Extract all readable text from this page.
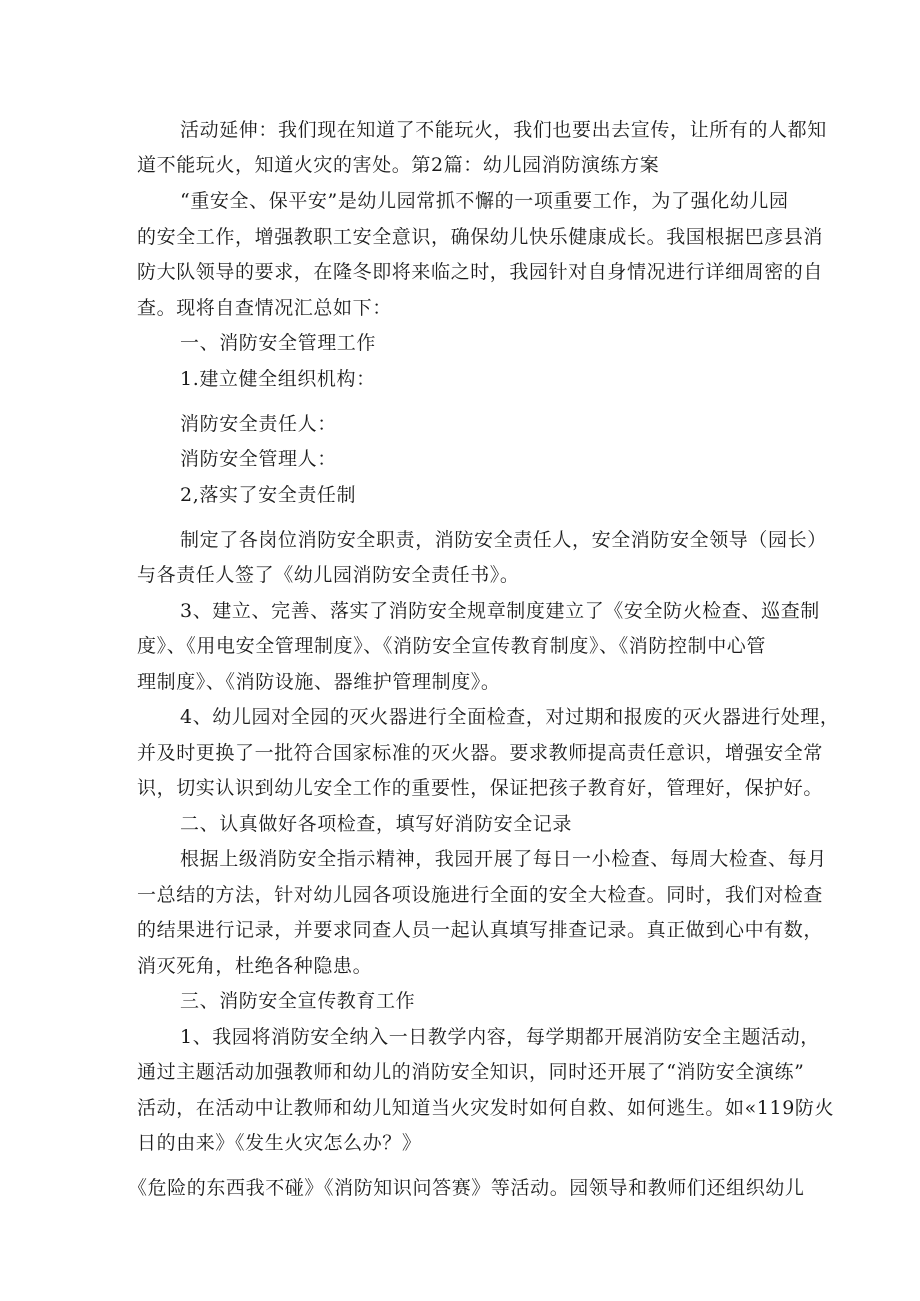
活动延伸：我们现在知道了不能玩火，我们也要出去宣传，让所有的人都知
道不能玩火，知道火灾的害处。第2篇：幼儿园消防演练方案
“重安全、保平安”是幼儿园常抓不懈的一项重要工作，为了强化幼儿园
的安全工作，增强教职工安全意识，确保幼儿快乐健康成长。我国根据巴彦县消
防大队领导的要求，在隆冬即将来临之时，我园针对自身情况进行详细周密的自
查。现将自查情况汇总如下：
一、消防安全管理工作
1.建立健全组织机构：
消防安全责任人：
消防安全管理人：
2,落实了安全责任制
制定了各岗位消防安全职责，消防安全责任人，安全消防安全领导（园长）
与各责任人签了《幼儿园消防安全责任书》。
3、建立、完善、落实了消防安全规章制度建立了《安全防火检查、巡查制
度》、《用电安全管理制度》、《消防安全宣传教育制度》、《消防控制中心管
理制度》、《消防设施、器维护管理制度》。
4、幼儿园对全园的灭火器进行全面检查，对过期和报废的灭火器进行处理，
并及时更换了一批符合国家标准的灭火器。要求教师提高责任意识，增强安全常
识，切实认识到幼儿安全工作的重要性，保证把孩子教育好，管理好，保护好。
二、认真做好各项检查，填写好消防安全记录
根据上级消防安全指示精神，我园开展了每日一小检查、每周大检查、每月
一总结的方法，针对幼儿园各项设施进行全面的安全大检查。同时，我们对检查
的结果进行记录，并要求同查人员一起认真填写排查记录。真正做到心中有数，
消灭死角，杜绝各种隐患。
三、消防安全宣传教育工作
1、我园将消防安全纳入一日教学内容，每学期都开展消防安全主题活动，
通过主题活动加强教师和幼儿的消防安全知识，同时还开展了“消防安全演练”
活动，在活动中让教师和幼儿知道当火灾发时如何自救、如何逃生。如«119防火
日的由来》《发生火灾怎么办？》
《危险的东西我不碰》《消防知识问答赛》等活动。园领导和教师们还组织幼儿
